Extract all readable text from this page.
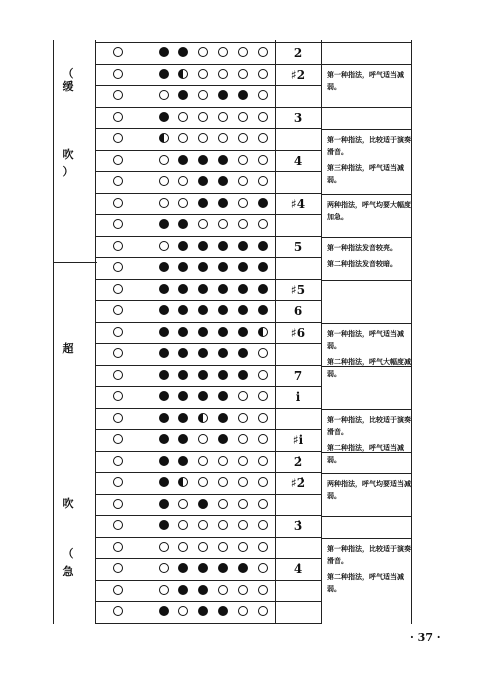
（
缓
吹
）
超
吹
（
急
2
♯2
3
4
♯4
5
♯5
6
♯6
7
i
♯i
2̇
♯2̇
3̇
4̇

第一种指法，呼气适当减弱。

第一种指法，比较适于演奏滑音。

第三种指法，呼气适当减弱。

两种指法，呼气均要大幅度加急。

第一种指法发音较亮。

第二种指法发音较暗。

第一种指法，呼气适当减弱。

第二种指法，呼气大幅度减弱。

第一种指法，比较适于演奏滑音。

第二种指法，呼气适当减弱。

两种指法，呼气均要适当减弱。

第一种指法，比较适于演奏滑音。

第二种指法，呼气适当减弱。

· 37 ·
